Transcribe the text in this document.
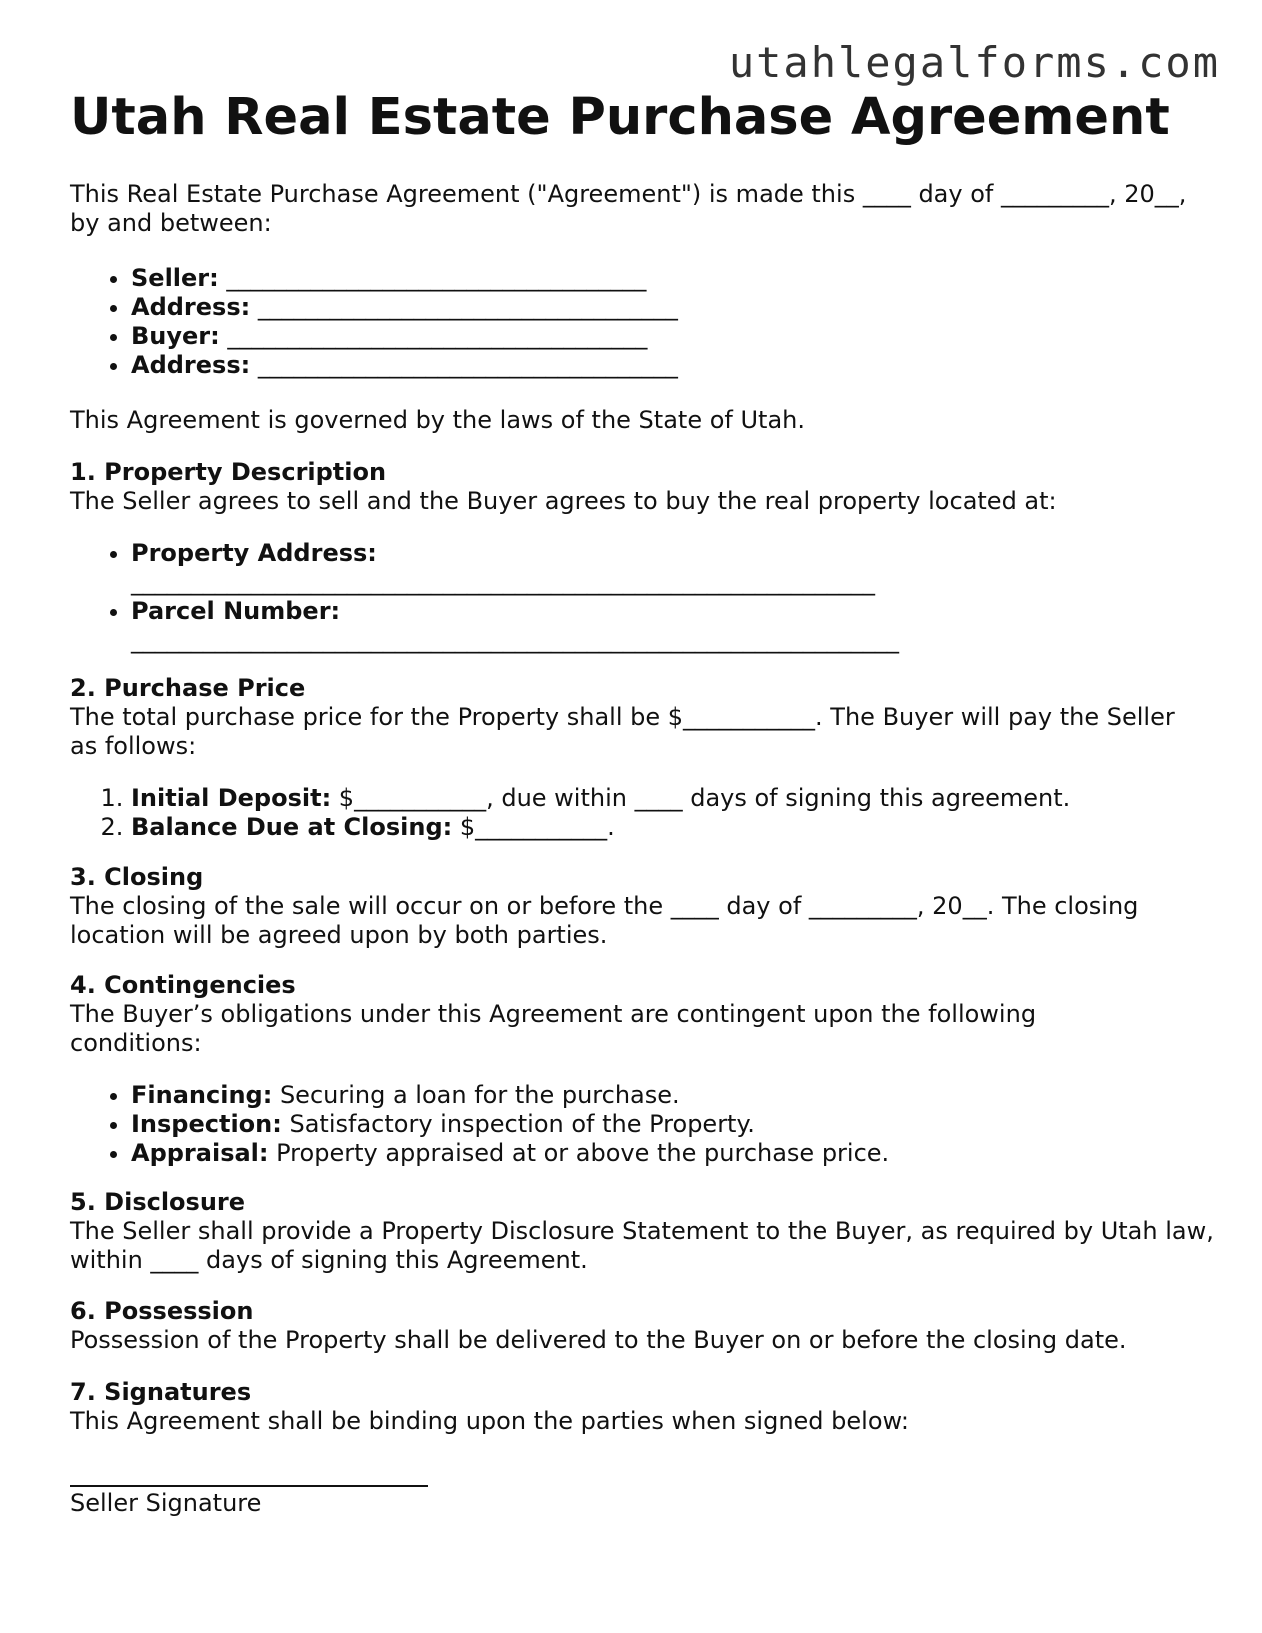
utahlegalforms.com
Utah Real Estate Purchase Agreement

This Real Estate Purchase Agreement ("Agreement") is made this ____ day of _________, 20__, by and between:

• Seller: ___________________________________
• Address: ___________________________________
• Buyer: ___________________________________
• Address: ___________________________________

This Agreement is governed by the laws of the State of Utah.

1. Property Description

The Seller agrees to sell and the Buyer agrees to buy the real property located at:

• Property Address:
______________________________________________________________
• Parcel Number:
________________________________________________________________

2. Purchase Price

The total purchase price for the Property shall be $___________. The Buyer will pay the Seller as follows:

1. Initial Deposit: $___________, due within ____ days of signing this agreement.
2. Balance Due at Closing: $___________.

3. Closing

The closing of the sale will occur on or before the ____ day of _________, 20__. The closing location will be agreed upon by both parties.

4. Contingencies

The Buyer’s obligations under this Agreement are contingent upon the following conditions:

• Financing: Securing a loan for the purchase.
• Inspection: Satisfactory inspection of the Property.
• Appraisal: Property appraised at or above the purchase price.

5. Disclosure

The Seller shall provide a Property Disclosure Statement to the Buyer, as required by Utah law, within ____ days of signing this Agreement.

6. Possession

Possession of the Property shall be delivered to the Buyer on or before the closing date.

7. Signatures

This Agreement shall be binding upon the parties when signed below:

Seller Signature
